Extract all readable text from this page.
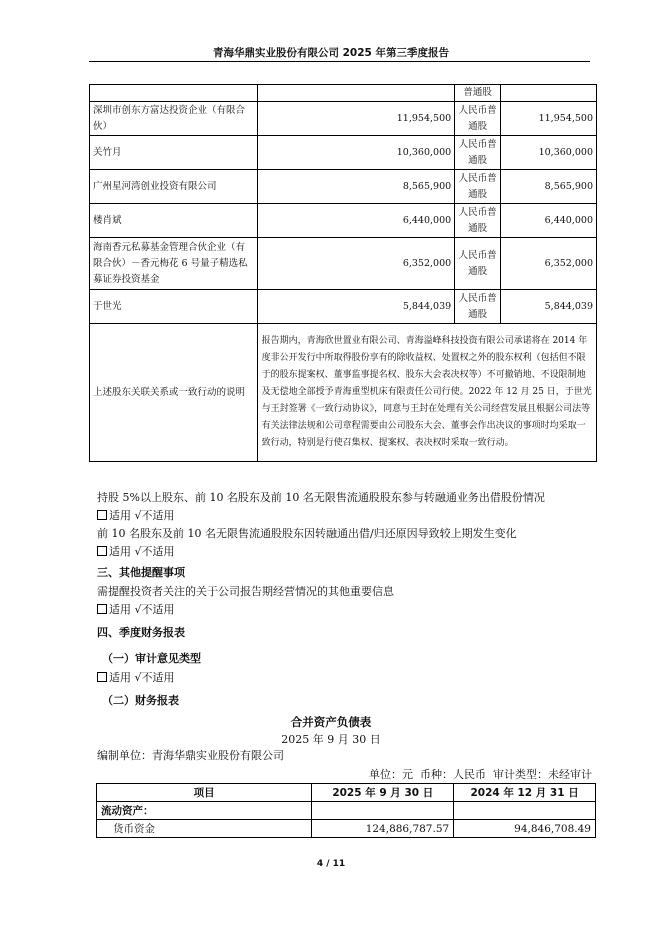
青海华鼎实业股份有限公司 2025 年第三季度报告
		普通股	
深圳市创东方富达投资企业（有限合伙）	11,954,500	人民币普通股	11,954,500
关竹月	10,360,000	人民币普通股	10,360,000
广州星河湾创业投资有限公司	8,565,900	人民币普通股	8,565,900
楼肖斌	6,440,000	人民币普通股	6,440,000
海南香元私募基金管理合伙企业（有限合伙）－香元梅花 6 号量子精选私募证券投资基金	6,352,000	人民币普通股	6,352,000
于世光	5,844,039	人民币普通股	5,844,039
上述股东关联关系或一致行动的说明	报告期内，青海欣世置业有限公司、青海溢峰科技投资有限公司承诺将在 2014 年度非公开发行中所取得股份享有的除收益权、处置权之外的股东权利（包括但不限于的股东提案权、董事监事提名权、股东大会表决权等）不可撤销地、不设限制地及无偿地全部授予青海重型机床有限责任公司行使。2022 年 12 月 25 日，于世光与王封签署《一致行动协议》，同意与王封在处理有关公司经营发展且根据公司法等有关法律法规和公司章程需要由公司股东大会、董事会作出决议的事项时均采取一致行动，特别是行使召集权、提案权、表决权时采取一致行动。		
持股 5%以上股东、前 10 名股东及前 10 名无限售流通股股东参与转融通业务出借股份情况
适用 √不适用
前 10 名股东及前 10 名无限售流通股股东因转融通出借/归还原因导致较上期发生变化
适用 √不适用
三、其他提醒事项
需提醒投资者关注的关于公司报告期经营情况的其他重要信息
适用 √不适用
四、季度财务报表
（一）审计意见类型
适用 √不适用
（二）财务报表
合并资产负债表
2025 年 9 月 30 日
编制单位：青海华鼎实业股份有限公司
单位：元  币种：人民币  审计类型：未经审计
项目	2025 年 9 月 30 日	2024 年 12 月 31 日
流动资产：		
货币资金	124,886,787.57	94,846,708.49
4 / 11
